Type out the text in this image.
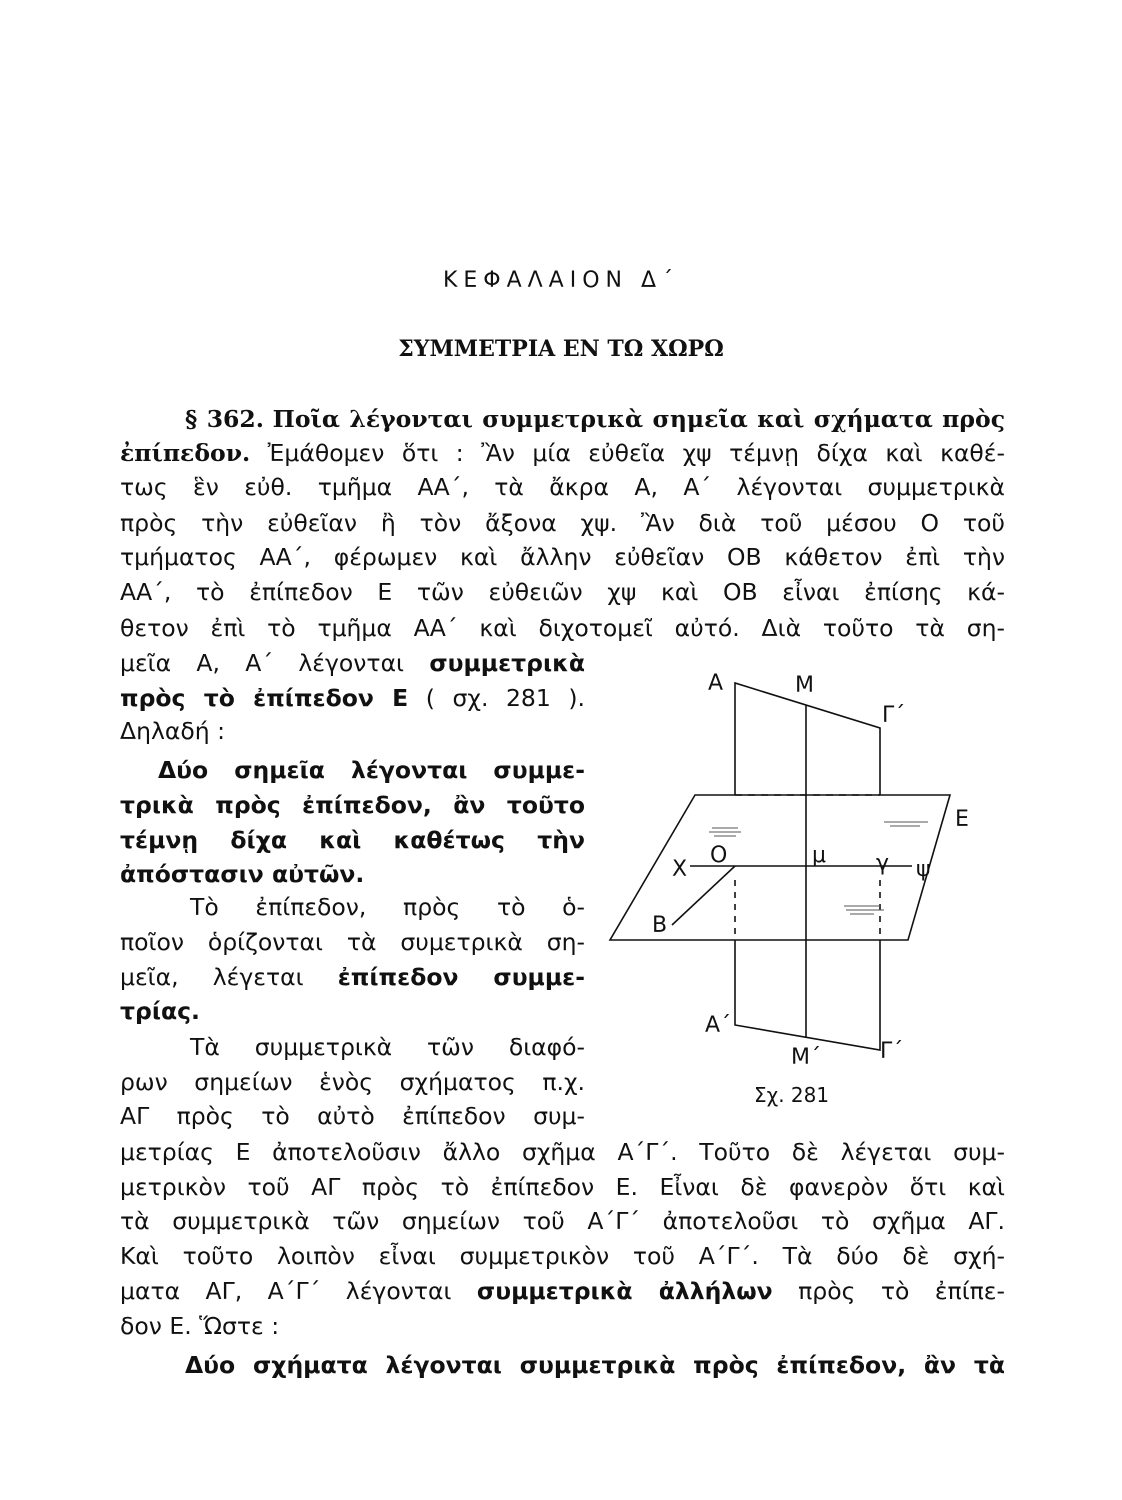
ΚΕΦΑΛΑΙΟΝ Δ΄
ΣΥΜΜΕΤΡΙΑ ΕΝ ΤΩ ΧΩΡΩ
§ 362. Ποῖα λέγονται συμμετρικὰ σημεῖα καὶ σχήματα πρὸς
ἐπίπεδον. Ἐμάθομεν ὅτι : Ἂν μία εὐθεῖα χψ τέμνῃ δίχα καὶ καθέ-
τως ἓν εὐθ. τμῆμα ΑΑ΄, τὰ ἄκρα Α, Α΄ λέγονται συμμετρικὰ
πρὸς τὴν εὐθεῖαν ἢ τὸν ἄξονα χψ. Ἂν διὰ τοῦ μέσου Ο τοῦ
τμήματος ΑΑ΄, φέρωμεν καὶ ἄλλην εὐθεῖαν ΟΒ κάθετον ἐπὶ τὴν
ΑΑ΄, τὸ ἐπίπεδον Ε τῶν εὐθειῶν χψ καὶ ΟΒ εἶναι ἐπίσης κά-
θετον ἐπὶ τὸ τμῆμα ΑΑ΄ καὶ διχοτομεῖ αὐτό. Διὰ τοῦτο τὰ ση-
μεῖα Α, Α΄ λέγονται συμμετρικὰ
πρὸς τὸ ἐπίπεδον Ε ( σχ. 281 ).
Δηλαδή :
Δύο σημεῖα λέγονται συμμε-
τρικὰ πρὸς ἐπίπεδον, ἂν τοῦτο
τέμνῃ δίχα καὶ καθέτως τὴν
ἀπόστασιν αὐτῶν.
Τὸ ἐπίπεδον, πρὸς τὸ ὁ-
ποῖον ὁρίζονται τὰ συμετρικὰ ση-
μεῖα, λέγεται ἐπίπεδον συμμε-
τρίας.
Τὰ συμμετρικὰ τῶν διαφό-
ρων σημείων ἑνὸς σχήματος π.χ.
ΑΓ πρὸς τὸ αὐτὸ ἐπίπεδον συμ-
μετρίας Ε ἀποτελοῦσιν ἄλλο σχῆμα Α΄Γ΄. Τοῦτο δὲ λέγεται συμ-
μετρικὸν τοῦ ΑΓ πρὸς τὸ ἐπίπεδον Ε. Εἶναι δὲ φανερὸν ὅτι καὶ
τὰ συμμετρικὰ τῶν σημείων τοῦ Α΄Γ΄ ἀποτελοῦσι τὸ σχῆμα ΑΓ.
Καὶ τοῦτο λοιπὸν εἶναι συμμετρικὸν τοῦ Α΄Γ΄. Τὰ δύο δὲ σχή-
ματα ΑΓ, Α΄Γ΄ λέγονται συμμετρικὰ ἀλλήλων πρὸς τὸ ἐπίπε-
δον Ε. Ὥστε :
Δύο σχήματα λέγονται συμμετρικὰ πρὸς ἐπίπεδον, ἂν τὰ
Α	Μ
Γ΄
Ε
Χ
Ο	μ γ ψ
Β
Α΄
Μ΄	Γ΄
Σχ. 281
